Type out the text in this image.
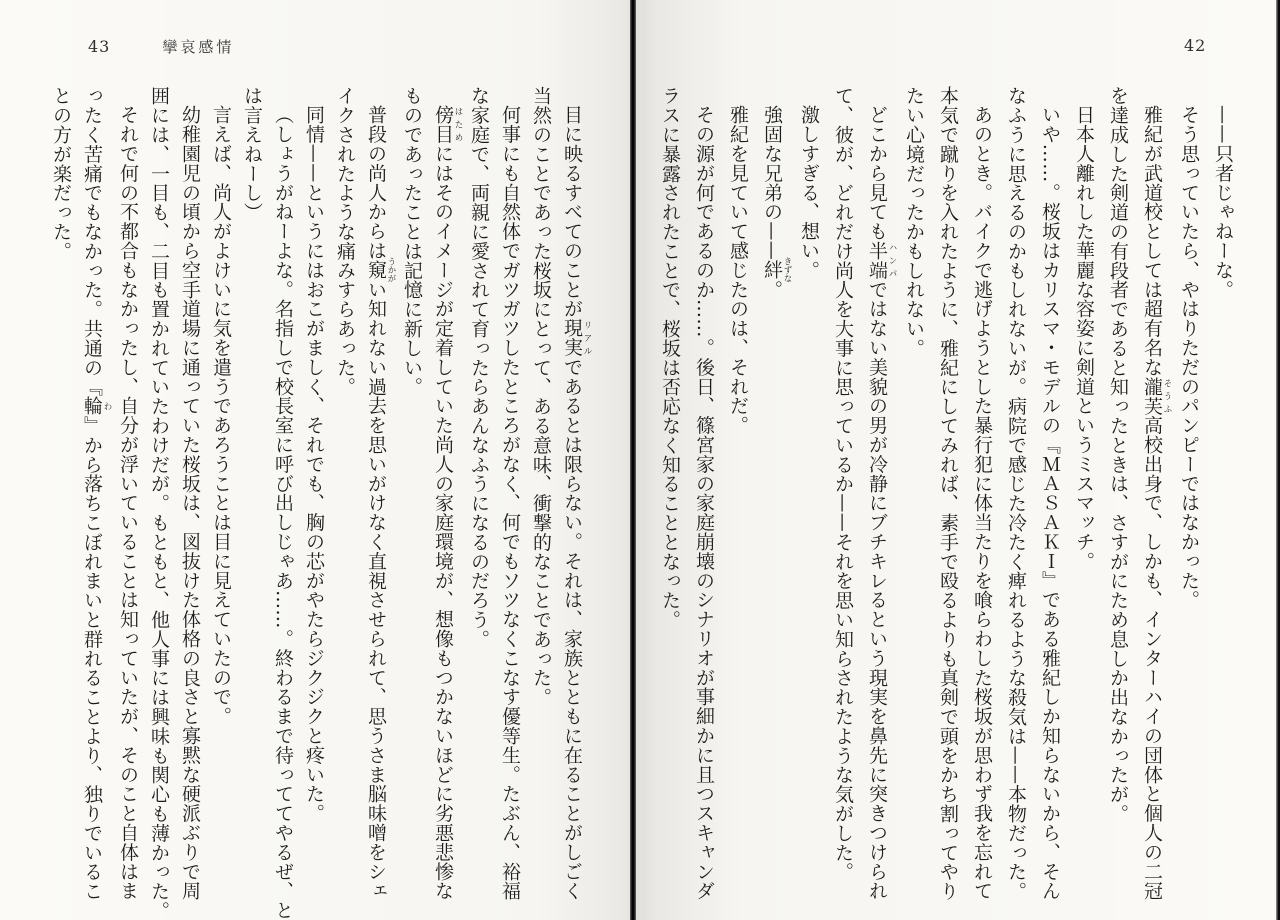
43	攣哀感情

目に映るすべてのことが現実 リアルであるとは限らない。それは、家族とともに在ることがしごく

当然のことであった桜坂にとって、ある意味、衝撃的なことであった。

何事にも自然体でガツガツしたところがなく、何でもソツなくこなす優等生。たぶん、裕福

な家庭で、両親に愛されて育ったらあんなふうになるのだろう。

傍目 はためにはそのイメージが定着していた尚人の家庭環境が、想像もつかないほどに劣悪悲惨な

ものであったことは記憶に新しい。

普段の尚人からは窺 うかがい知れない過去を思いがけなく直視させられて、思うさま脳味噌をシェ

イクされたような痛みすらあった。

同情——というにはおこがましく、それでも、胸の芯がやたらジクジクと疼いた。

（しょうがねーよな。名指しで校長室に呼び出しじゃあ……。終わるまで待っててやるぜ、と

は言えねーし）

言えば、尚人がよけいに気を遣うであろうことは目に見えていたので。

幼稚園児の頃から空手道場に通っていた桜坂は、図抜けた体格の良さと寡黙な硬派ぶりで周

囲には、一目も、二目も置かれていたわけだが。もともと、他人事には興味も関心も薄かった。

それで何の不都合もなかったし、自分が浮いていることは知っていたが、そのこと自体はま

ったく苦痛でもなかった。共通の『輪 わ』から落ちこぼれまいと群れることより、独りでいるこ

との方が楽だった。

42

——只者じゃねーな。

そう思っていたら、やはりただのパンピーではなかった。

雅紀が武道校としては超有名な瀧芙 そうふ高校出身で、しかも、インターハイの団体と個人の二冠

を達成した剣道の有段者であると知ったときは、さすがにため息しか出なかったが。

日本人離れした華麗な容姿に剣道というミスマッチ。

いや……。桜坂はカリスマ・モデルの『ＭＡＳＡＫＩ』である雅紀しか知らないから、そん

なふうに思えるのかもしれないが。病院で感じた冷たく痺れるような殺気は——本物だった。

あのとき。バイクで逃げようとした暴行犯に体当たりを喰らわした桜坂が思わず我を忘れて

本気で蹴りを入れたように、雅紀にしてみれば、素手で殴るよりも真剣で頭をかち割ってやり

たい心境だったかもしれない。

どこから見ても半端 ハンパではない美貌の男が冷静にブチキレるという現実を鼻先に突きつけられ

て、彼が、どれだけ尚人を大事に思っているか——それを思い知らされたような気がした。

激しすぎる、想い。

強固な兄弟の——絆 きずな。

雅紀を見ていて感じたのは、それだ。

その源が何であるのか……。後日、篠宮家の家庭崩壊のシナリオが事細かに且つスキャンダ

ラスに暴露されたことで、桜坂は否応なく知ることとなった。
